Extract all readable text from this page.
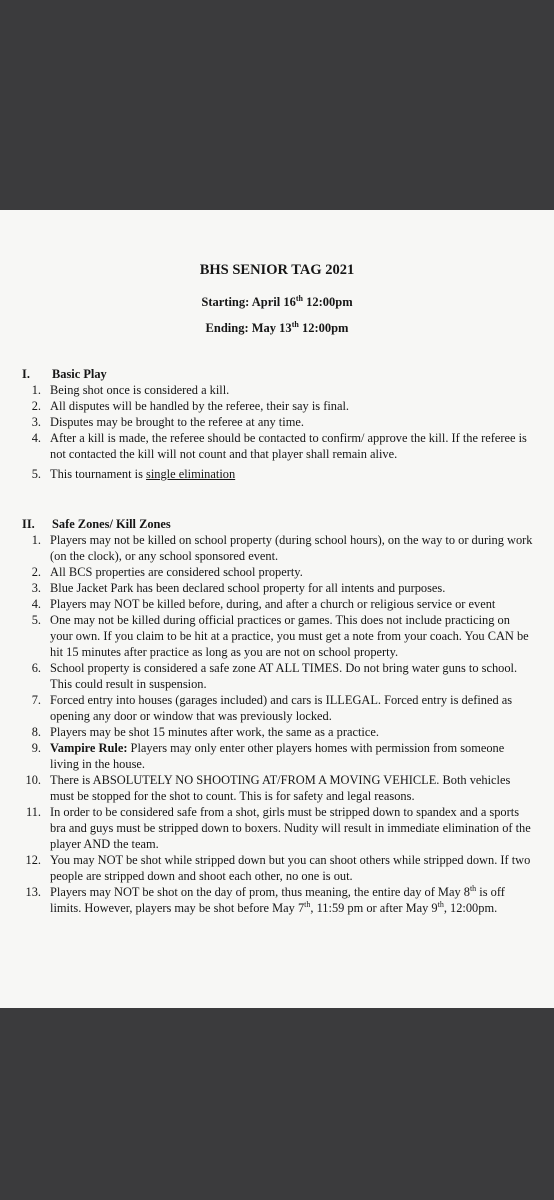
BHS SENIOR TAG 2021
Starting: April 16th 12:00pm
Ending: May 13th 12:00pm
I. Basic Play
1. Being shot once is considered a kill.
2. All disputes will be handled by the referee, their say is final.
3. Disputes may be brought to the referee at any time.
4. After a kill is made, the referee should be contacted to confirm/ approve the kill. If the referee is not contacted the kill will not count and that player shall remain alive.
5. This tournament is single elimination
II. Safe Zones/ Kill Zones
1. Players may not be killed on school property (during school hours), on the way to or during work (on the clock), or any school sponsored event.
2. All BCS properties are considered school property.
3. Blue Jacket Park has been declared school property for all intents and purposes.
4. Players may NOT be killed before, during, and after a church or religious service or event
5. One may not be killed during official practices or games. This does not include practicing on your own. If you claim to be hit at a practice, you must get a note from your coach. You CAN be hit 15 minutes after practice as long as you are not on school property.
6. School property is considered a safe zone AT ALL TIMES. Do not bring water guns to school. This could result in suspension.
7. Forced entry into houses (garages included) and cars is ILLEGAL. Forced entry is defined as opening any door or window that was previously locked.
8. Players may be shot 15 minutes after work, the same as a practice.
9. Vampire Rule: Players may only enter other players homes with permission from someone living in the house.
10. There is ABSOLUTELY NO SHOOTING AT/FROM A MOVING VEHICLE. Both vehicles must be stopped for the shot to count. This is for safety and legal reasons.
11. In order to be considered safe from a shot, girls must be stripped down to spandex and a sports bra and guys must be stripped down to boxers. Nudity will result in immediate elimination of the player AND the team.
12. You may NOT be shot while stripped down but you can shoot others while stripped down. If two people are stripped down and shoot each other, no one is out.
13. Players may NOT be shot on the day of prom, thus meaning, the entire day of May 8th is off limits. However, players may be shot before May 7th, 11:59 pm or after May 9th, 12:00pm.
